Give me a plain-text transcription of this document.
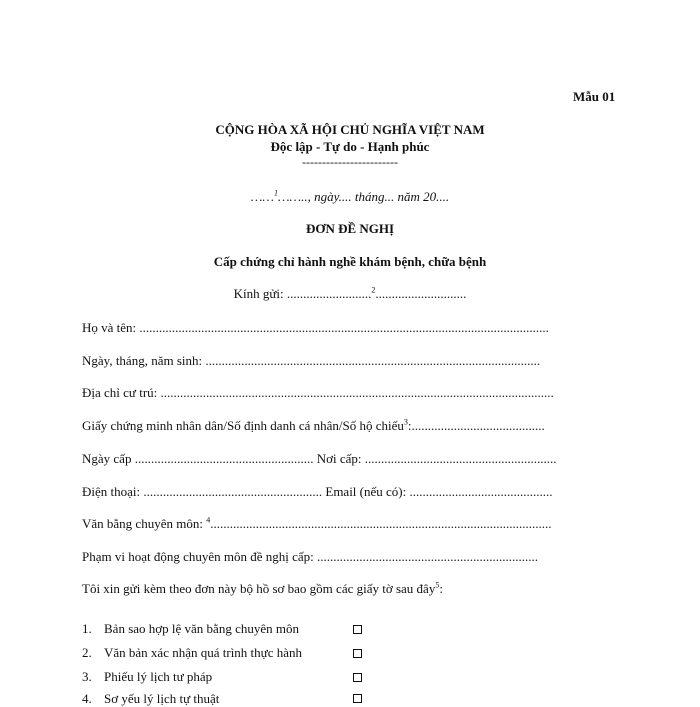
Mẫu 01
CỘNG HÒA XÃ HỘI CHỦ NGHĨA VIỆT NAM
Độc lập - Tự do - Hạnh phúc
------------------------
……$^1$…….., ngày.... tháng... năm 20....
ĐƠN ĐỀ NGHỊ
Cấp chứng chỉ hành nghề khám bệnh, chữa bệnh
Kính gửi: ..........................$^2$............................
Họ và tên: ..............................................................................................................................
Ngày, tháng, năm sinh: .......................................................................................................
Địa chỉ cư trú: .........................................................................................................................
Giấy chứng minh nhân dân/Số định danh cá nhân/Số hộ chiếu$^3$:.........................................
Ngày cấp ....................................................... Nơi cấp: ...........................................................
Điện thoại: ....................................................... Email (nếu có): ............................................
Văn bằng chuyên môn: $^4$.........................................................................................................
Phạm vi hoạt động chuyên môn đề nghị cấp: ....................................................................
Tôi xin gửi kèm theo đơn này bộ hồ sơ bao gồm các giấy tờ sau đây$^5$:
1. Bản sao hợp lệ văn bằng chuyên môn
2. Văn bản xác nhận quá trình thực hành
3. Phiếu lý lịch tư pháp
4. Sơ yếu lý lịch tự thuật
